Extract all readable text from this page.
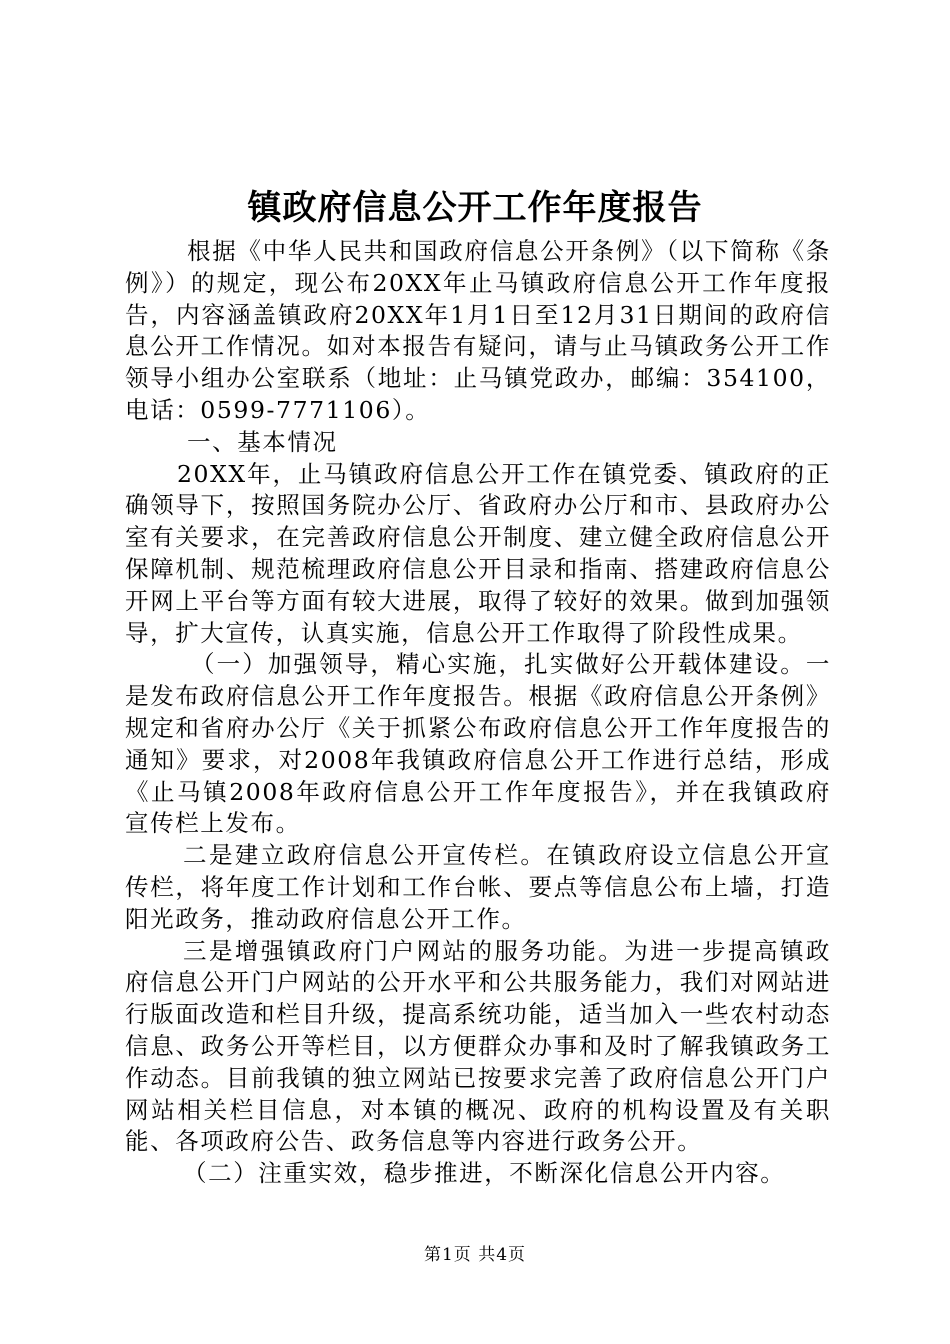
镇政府信息公开工作年度报告

根据《中华人民共和国政府信息公开条例》（以下简称《条例》）的规定，现公布20XX年止马镇政府信息公开工作年度报告，内容涵盖镇政府20XX年1月1日至12月31日期间的政府信息公开工作情况。如对本报告有疑问，请与止马镇政务公开工作领导小组办公室联系（地址：止马镇党政办，邮编：354100，电话：0599-7771106）。

一、基本情况

20XX年，止马镇政府信息公开工作在镇党委、镇政府的正确领导下，按照国务院办公厅、省政府办公厅和市、县政府办公室有关要求，在完善政府信息公开制度、建立健全政府信息公开保障机制、规范梳理政府信息公开目录和指南、搭建政府信息公开网上平台等方面有较大进展，取得了较好的效果。做到加强领导，扩大宣传，认真实施，信息公开工作取得了阶段性成果。

（一）加强领导，精心实施，扎实做好公开载体建设。一是发布政府信息公开工作年度报告。根据《政府信息公开条例》规定和省府办公厅《关于抓紧公布政府信息公开工作年度报告的通知》要求，对2008年我镇政府信息公开工作进行总结，形成《止马镇2008年政府信息公开工作年度报告》，并在我镇政府宣传栏上发布。

二是建立政府信息公开宣传栏。在镇政府设立信息公开宣传栏，将年度工作计划和工作台帐、要点等信息公布上墙，打造阳光政务，推动政府信息公开工作。

三是增强镇政府门户网站的服务功能。为进一步提高镇政府信息公开门户网站的公开水平和公共服务能力，我们对网站进行版面改造和栏目升级，提高系统功能，适当加入一些农村动态信息、政务公开等栏目，以方便群众办事和及时了解我镇政务工作动态。目前我镇的独立网站已按要求完善了政府信息公开门户网站相关栏目信息，对本镇的概况、政府的机构设置及有关职能、各项政府公告、政务信息等内容进行政务公开。

（二）注重实效，稳步推进，不断深化信息公开内容。

第1页 共4页
